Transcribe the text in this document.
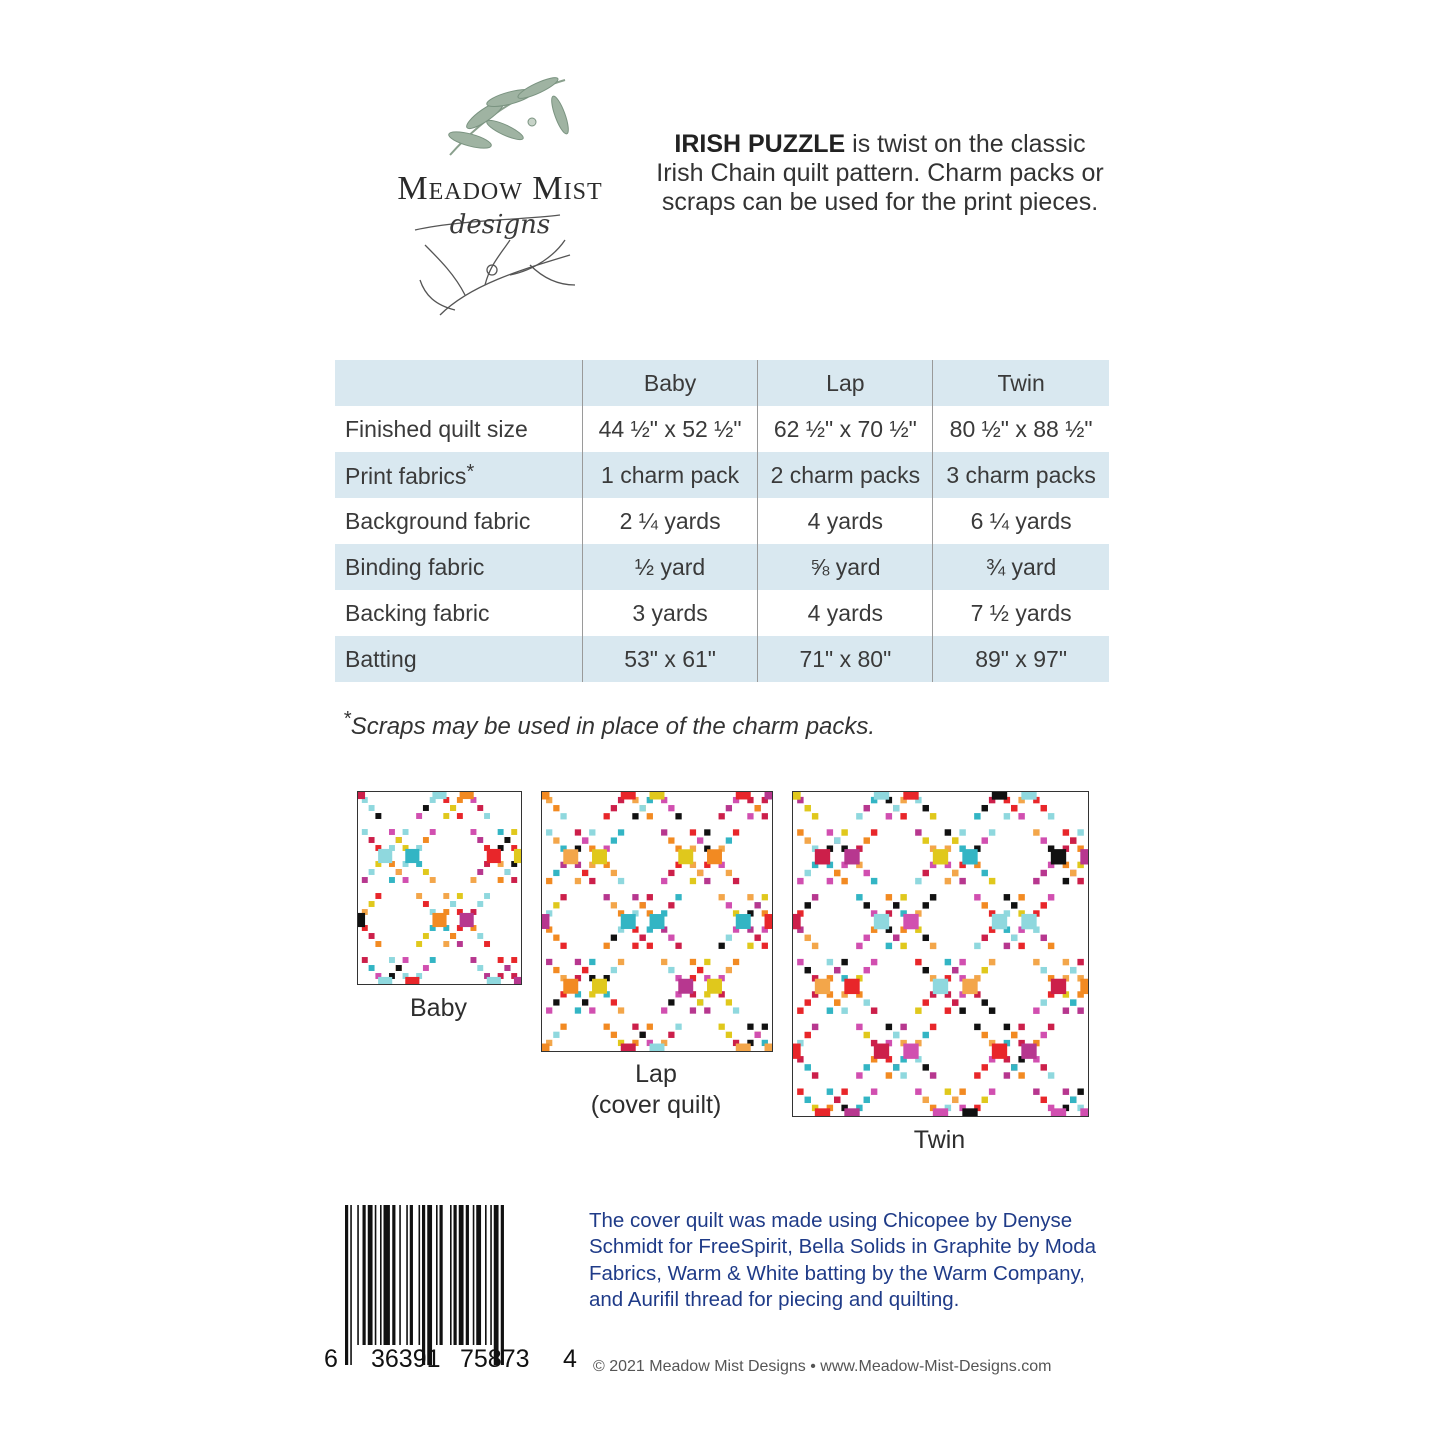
Meadow Mist
designs
IRISH PUZZLE is twist on the classic Irish Chain quilt pattern. Charm packs or scraps can be used for the print pieces.
	Baby	Lap	Twin
Finished quilt size	44 ½" x 52 ½"	62 ½" x 70 ½"	80 ½" x 88 ½"
Print fabrics*	1 charm pack	2 charm packs	3 charm packs
Background fabric	2 ¼ yards	4 yards	6 ¼ yards
Binding fabric	½ yard	⅝ yard	¾ yard
Backing fabric	3 yards	4 yards	7 ½ yards
Batting	53" x 61"	71" x 80"	89" x 97"
*Scraps may be used in place of the charm packs.
Baby
Lap
(cover quilt)
Twin
6 36391 75873 4
The cover quilt was made using Chicopee by Denyse Schmidt for FreeSpirit, Bella Solids in Graphite by Moda Fabrics, Warm & White batting by the Warm Company, and Aurifil thread for piecing and quilting.
© 2021 Meadow Mist Designs • www.Meadow-Mist-Designs.com
